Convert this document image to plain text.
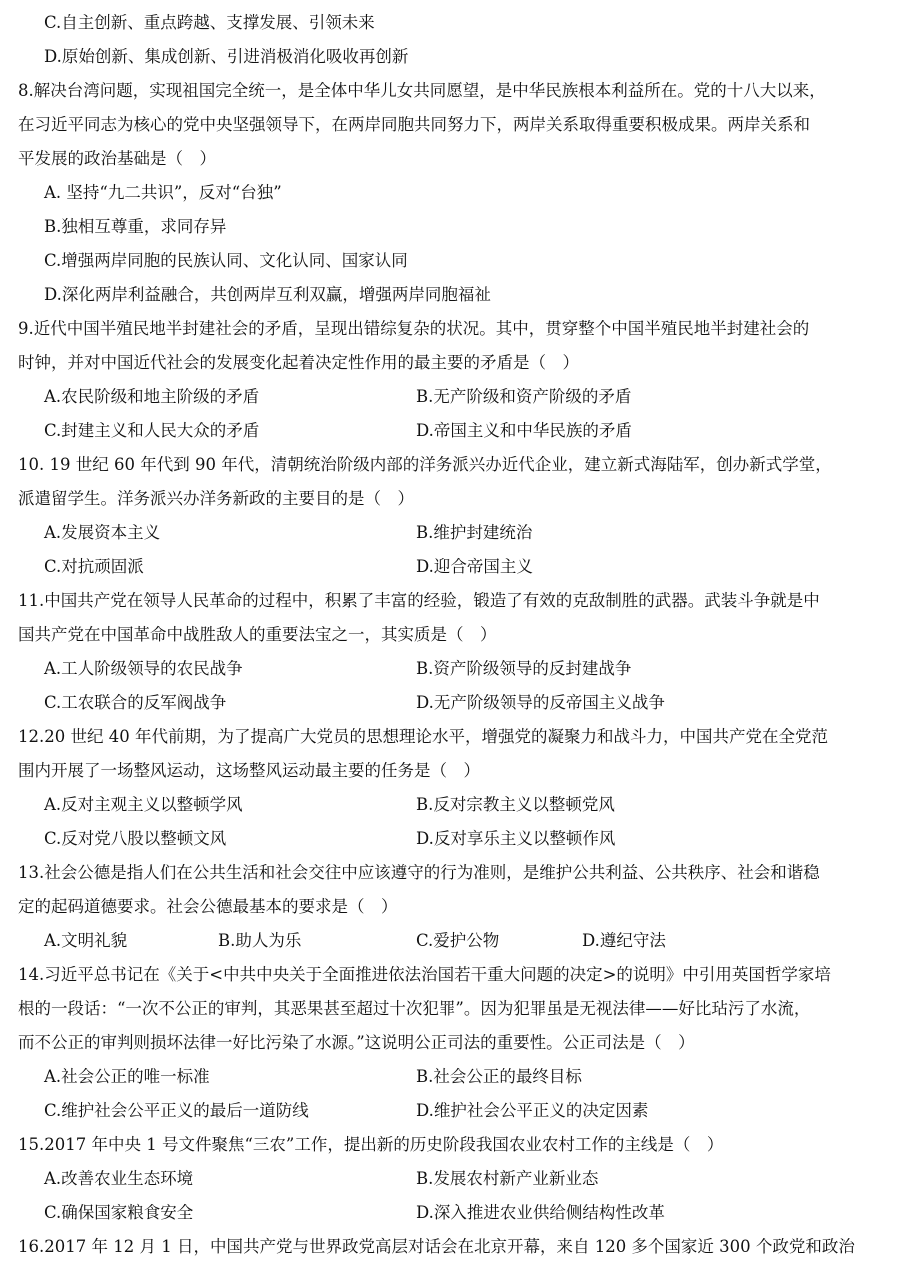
C.自主创新、重点跨越、支撑发展、引领未来
D.原始创新、集成创新、引进消极消化吸收再创新
8.解决台湾问题，实现祖国完全统一，是全体中华儿女共同愿望，是中华民族根本利益所在。党的十八大以来，
在习近平同志为核心的党中央坚强领导下，在两岸同胞共同努力下，两岸关系取得重要积极成果。两岸关系和
平发展的政治基础是（　）
A. 坚持“九二共识”，反对“台独”
B.独相互尊重，求同存异
C.增强两岸同胞的民族认同、文化认同、国家认同
D.深化两岸利益融合，共创两岸互利双赢，增强两岸同胞福祉
9.近代中国半殖民地半封建社会的矛盾，呈现出错综复杂的状况。其中，贯穿整个中国半殖民地半封建社会的
时钟，并对中国近代社会的发展变化起着决定性作用的最主要的矛盾是（　）
A.农民阶级和地主阶级的矛盾	B.无产阶级和资产阶级的矛盾
C.封建主义和人民大众的矛盾	D.帝国主义和中华民族的矛盾
10. 19 世纪 60 年代到 90 年代，清朝统治阶级内部的洋务派兴办近代企业，建立新式海陆军，创办新式学堂，
派遣留学生。洋务派兴办洋务新政的主要目的是（　）
A.发展资本主义	B.维护封建统治
C.对抗顽固派	D.迎合帝国主义
11.中国共产党在领导人民革命的过程中，积累了丰富的经验，锻造了有效的克敌制胜的武器。武装斗争就是中
国共产党在中国革命中战胜敌人的重要法宝之一，其实质是（　）
A.工人阶级领导的农民战争	B.资产阶级领导的反封建战争
C.工农联合的反军阀战争	D.无产阶级领导的反帝国主义战争
12.20 世纪 40 年代前期，为了提高广大党员的思想理论水平，增强党的凝聚力和战斗力，中国共产党在全党范
围内开展了一场整风运动，这场整风运动最主要的任务是（　）
A.反对主观主义以整顿学风	B.反对宗教主义以整顿党风
C.反对党八股以整顿文风	D.反对享乐主义以整顿作风
13.社会公德是指人们在公共生活和社会交往中应该遵守的行为准则，是维护公共利益、公共秩序、社会和谐稳
定的起码道德要求。社会公德最基本的要求是（　）
A.文明礼貌	B.助人为乐	C.爱护公物	D.遵纪守法
14.习近平总书记在《关于<中共中央关于全面推进依法治国若干重大问题的决定>的说明》中引用英国哲学家培
根的一段话：“一次不公正的审判，其恶果甚至超过十次犯罪”。因为犯罪虽是无视法律——好比玷污了水流，
而不公正的审判则损坏法律一好比污染了水源。”这说明公正司法的重要性。公正司法是（　）
A.社会公正的唯一标准	B.社会公正的最终目标
C.维护社会公平正义的最后一道防线	D.维护社会公平正义的决定因素
15.2017 年中央 1 号文件聚焦“三农”工作，提出新的历史阶段我国农业农村工作的主线是（　）
A.改善农业生态环境	B.发展农村新产业新业态
C.确保国家粮食安全	D.深入推进农业供给侧结构性改革
16.2017 年 12 月 1 日，中国共产党与世界政党高层对话会在北京开幕，来自 120 多个国家近 300 个政党和政治
